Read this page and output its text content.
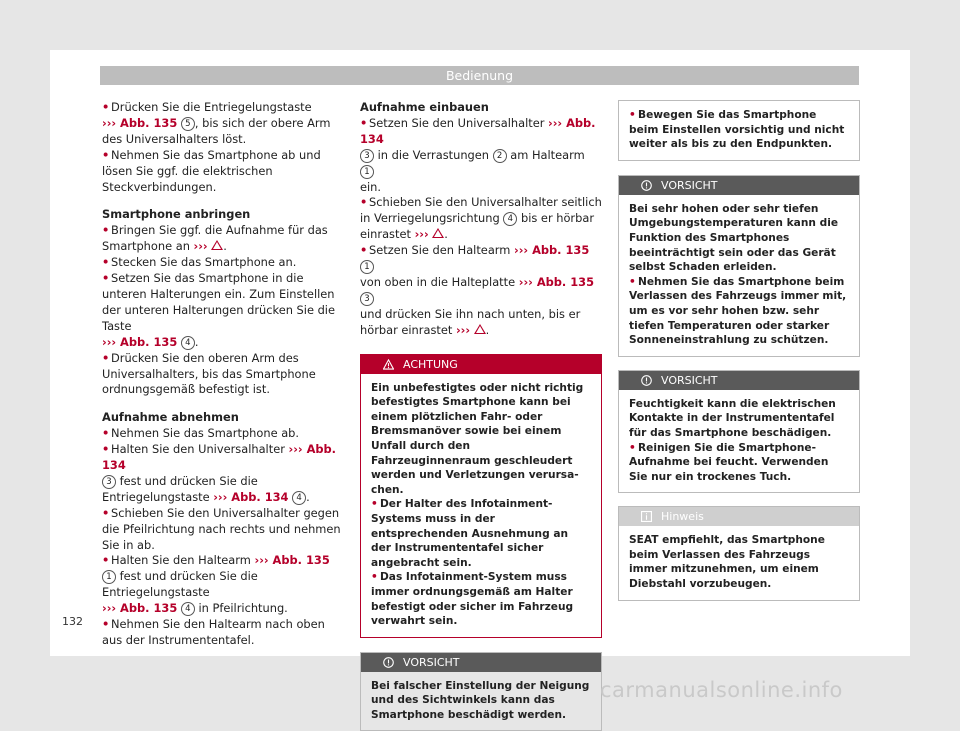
Bedienung

• Drücken Sie die Entriegelungstaste
››› Abb. 135 5 , bis sich der obere Arm des Universalhalters löst.

• Nehmen Sie das Smartphone ab und lösen Sie ggf. die elektrischen Steckverbindungen.

Smartphone anbringen

• Bringen Sie ggf. die Aufnahme für das Smartphone an ››› .

• Stecken Sie das Smartphone an.

• Setzen Sie das Smartphone in die unteren Halterungen ein. Zum Einstellen der unteren Halterungen drücken Sie die Taste
››› Abb. 135 4 .

• Drücken Sie den oberen Arm des Universalhalters, bis das Smartphone ordnungsgemäß befestigt ist.

Aufnahme abnehmen

• Nehmen Sie das Smartphone ab.

• Halten Sie den Universalhalter ››› Abb. 134
3 fest und drücken Sie die Entriegelungstaste ››› Abb. 134 4 .

• Schieben Sie den Universalhalter gegen die Pfeilrichtung nach rechts und nehmen Sie in ab.

• Halten Sie den Haltearm ››› Abb. 135 1 fest und drücken Sie die Entriegelungstaste
››› Abb. 135 4 in Pfeilrichtung.

• Nehmen Sie den Haltearm nach oben aus der Instrumententafel.

Aufnahme einbauen

• Setzen Sie den Universalhalter ››› Abb. 134
3 in die Verrastungen 2 am Haltearm 1
ein.

• Schieben Sie den Universalhalter seitlich in Verriegelungsrichtung 4 bis er hörbar einrastet ››› .

• Setzen Sie den Haltearm ››› Abb. 135 1
von oben in die Halteplatte ››› Abb. 135 3
und drücken Sie ihn nach unten, bis er hörbar einrastet ››› .

ACHTUNG
Ein unbefestigtes oder nicht richtig befestigtes Smartphone kann bei einem plötzlichen Fahr- oder Bremsmanöver sowie bei einem Unfall durch den Fahrzeuginnenraum geschleudert werden und Verletzungen verursachen.
• Der Halter des Infotainment-Systems muss in der entsprechenden Ausnehmung an der Instrumententafel sicher angebracht sein.
• Das Infotainment-System muss immer ordnungsgemäß am Halter befestigt oder sicher im Fahrzeug verwahrt sein.
VORSICHT
Bei falscher Einstellung der Neigung und des Sichtwinkels kann das Smartphone beschädigt werden.
• Bewegen Sie das Smartphone beim Einstellen vorsichtig und nicht weiter als bis zu den Endpunkten.
VORSICHT
Bei sehr hohen oder sehr tiefen Umgebungstemperaturen kann die Funktion des Smartphones beeinträchtigt sein oder das Gerät selbst Schaden erleiden.
• Nehmen Sie das Smartphone beim Verlassen des Fahrzeugs immer mit, um es vor sehr hohen bzw. sehr tiefen Temperaturen oder starker Sonneneinstrahlung zu schützen.
VORSICHT
Feuchtigkeit kann die elektrischen Kontakte in der Instrumententafel für das Smartphone beschädigen.
• Reinigen Sie die Smartphone-Aufnahme bei feucht. Verwenden Sie nur ein trockenes Tuch.
Hinweis
SEAT empfiehlt, das Smartphone beim Verlassen des Fahrzeugs immer mitzunehmen, um einem Diebstahl vorzubeugen.
132
carmanualsonline.info
